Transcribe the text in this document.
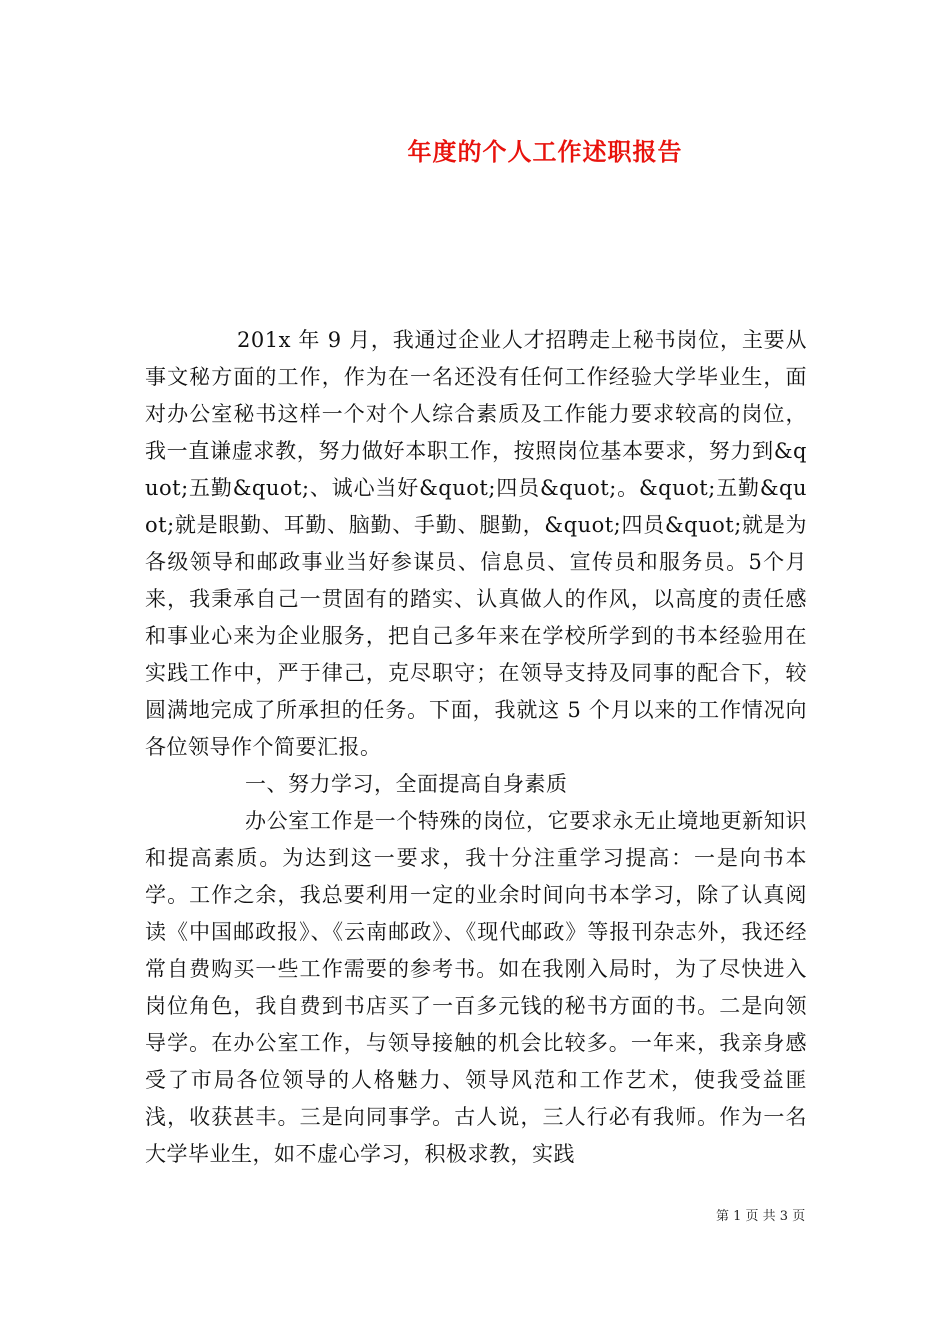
年度的个人工作述职报告

201x 年 9 月，我通过企业人才招聘走上秘书岗位，主要从事文秘方面的工作，作为在一名还没有任何工作经验大学毕业生，面对办公室秘书这样一个对个人综合素质及工作能力要求较高的岗位，我一直谦虚求教，努力做好本职工作，按照岗位基本要求，努力到&quot;五勤&quot;、诚心当好&quot;四员&quot;。&quot;五勤&quot;就是眼勤、耳勤、脑勤、手勤、腿勤，&quot;四员&quot;就是为各级领导和邮政事业当好参谋员、信息员、宣传员和服务员。5个月来，我秉承自己一贯固有的踏实、认真做人的作风，以高度的责任感和事业心来为企业服务，把自己多年来在学校所学到的书本经验用在实践工作中，严于律己，克尽职守；在领导支持及同事的配合下，较圆满地完成了所承担的任务。下面，我就这 5 个月以来的工作情况向各位领导作个简要汇报。

一、努力学习，全面提高自身素质

办公室工作是一个特殊的岗位，它要求永无止境地更新知识和提高素质。为达到这一要求，我十分注重学习提高：一是向书本学。工作之余，我总要利用一定的业余时间向书本学习，除了认真阅读《中国邮政报》、《云南邮政》、《现代邮政》等报刊杂志外，我还经常自费购买一些工作需要的参考书。如在我刚入局时，为了尽快进入岗位角色，我自费到书店买了一百多元钱的秘书方面的书。二是向领导学。在办公室工作，与领导接触的机会比较多。一年来，我亲身感受了市局各位领导的人格魅力、领导风范和工作艺术，使我受益匪浅，收获甚丰。三是向同事学。古人说，三人行必有我师。作为一名大学毕业生，如不虚心学习，积极求教，实践

第 1 页 共 3 页
